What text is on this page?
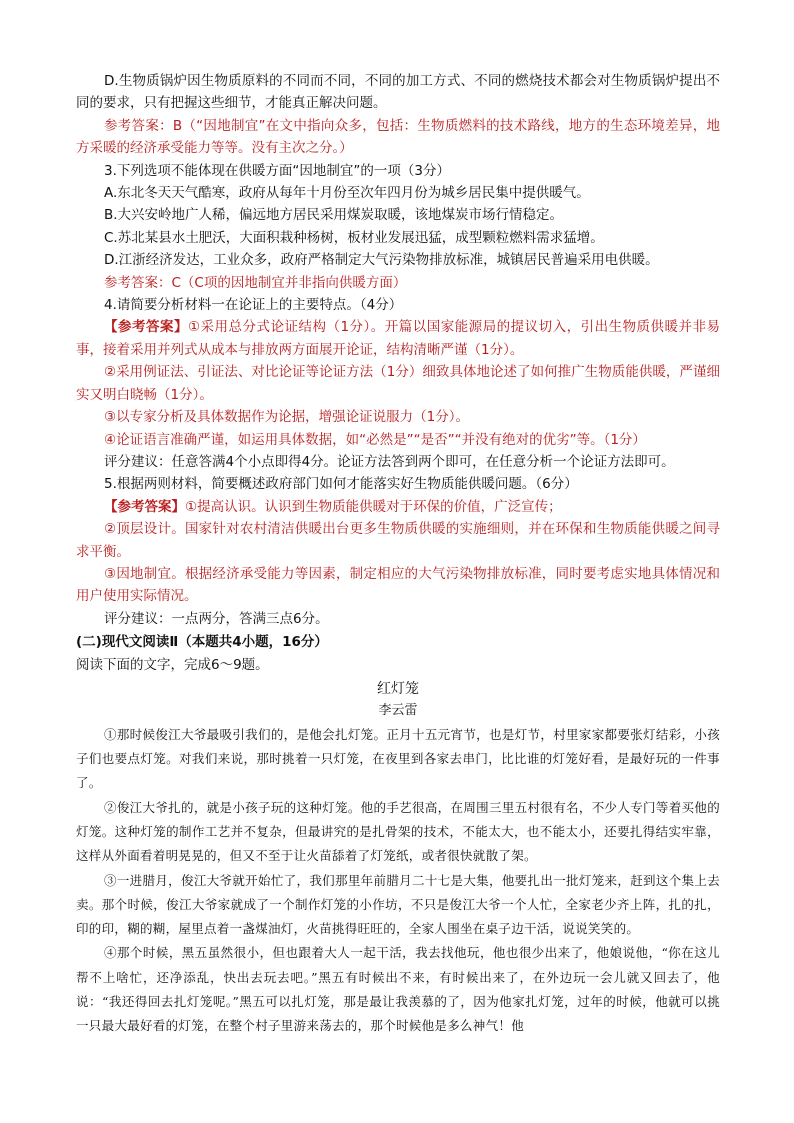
D.生物质锅炉因生物质原料的不同而不同，不同的加工方式、不同的燃烧技术都会对生物质锅炉提出不同的要求，只有把握这些细节，才能真正解决问题。

参考答案：B（“因地制宜”在文中指向众多，包括：生物质燃料的技术路线，地方的生态环境差异，地方采暖的经济承受能力等等。没有主次之分。）

3.下列选项不能体现在供暖方面“因地制宜”的一项（3分）

A.东北冬天天气酷寒，政府从每年十月份至次年四月份为城乡居民集中提供暖气。

B.大兴安岭地广人稀，偏远地方居民采用煤炭取暖，该地煤炭市场行情稳定。

C.苏北某县水土肥沃，大面积栽种杨树，板材业发展迅猛，成型颗粒燃料需求猛增。

D.江浙经济发达，工业众多，政府严格制定大气污染物排放标准，城镇居民普遍采用电供暖。

参考答案：C（C项的因地制宜并非指向供暖方面）

4.请简要分析材料一在论证上的主要特点。（4分）

【参考答案】①采用总分式论证结构（1分）。开篇以国家能源局的提议切入，引出生物质供暖并非易事，接着采用并列式从成本与排放两方面展开论证，结构清晰严谨（1分）。

②采用例证法、引证法、对比论证等论证方法（1分）细致具体地论述了如何推广生物质能供暖，严谨细实又明白晓畅（1分）。

③以专家分析及具体数据作为论据，增强论证说服力（1分）。

④论证语言准确严谨，如运用具体数据，如“必然是”“是否”“并没有绝对的优劣”等。（1分）

评分建议：任意答满4个小点即得4分。论证方法答到两个即可，在任意分析一个论证方法即可。

5.根据两则材料，简要概述政府部门如何才能落实好生物质能供暖问题。（6分）

【参考答案】①提高认识。认识到生物质能供暖对于环保的价值，广泛宣传；

②顶层设计。国家针对农村清洁供暖出台更多生物质供暖的实施细则，并在环保和生物质能供暖之间寻求平衡。

③因地制宜。根据经济承受能力等因素，制定相应的大气污染物排放标准，同时要考虑实地具体情况和用户使用实际情况。

评分建议：一点两分，答满三点6分。

(二)现代文阅读Ⅱ（本题共4小题，16分）

阅读下面的文字，完成6～9题。

红灯笼

李云雷

①那时候俊江大爷最吸引我们的，是他会扎灯笼。正月十五元宵节，也是灯节，村里家家都要张灯结彩，小孩子们也要点灯笼。对我们来说，那时挑着一只灯笼，在夜里到各家去串门，比比谁的灯笼好看，是最好玩的一件事了。

②俊江大爷扎的，就是小孩子玩的这种灯笼。他的手艺很高，在周围三里五村很有名，不少人专门等着买他的灯笼。这种灯笼的制作工艺并不复杂，但最讲究的是扎骨架的技术，不能太大，也不能太小，还要扎得结实牢靠，这样从外面看着明晃晃的，但又不至于让火苗舔着了灯笼纸，或者很快就散了架。

③一进腊月，俊江大爷就开始忙了，我们那里年前腊月二十七是大集，他要扎出一批灯笼来，赶到这个集上去卖。那个时候，俊江大爷家就成了一个制作灯笼的小作坊，不只是俊江大爷一个人忙，全家老少齐上阵，扎的扎，印的印，糊的糊，屋里点着一盏煤油灯，火苗挑得旺旺的，全家人围坐在桌子边干活，说说笑笑的。

④那个时候，黑五虽然很小，但也跟着大人一起干活，我去找他玩，他也很少出来了，他娘说他，“你在这儿帮不上啥忙，还净添乱，快出去玩去吧。”黑五有时候出不来，有时候出来了，在外边玩一会儿就又回去了，他说：“我还得回去扎灯笼呢。”黑五可以扎灯笼，那是最让我羡慕的了，因为他家扎灯笼，过年的时候，他就可以挑一只最大最好看的灯笼，在整个村子里游来荡去的，那个时候他是多么神气！他
